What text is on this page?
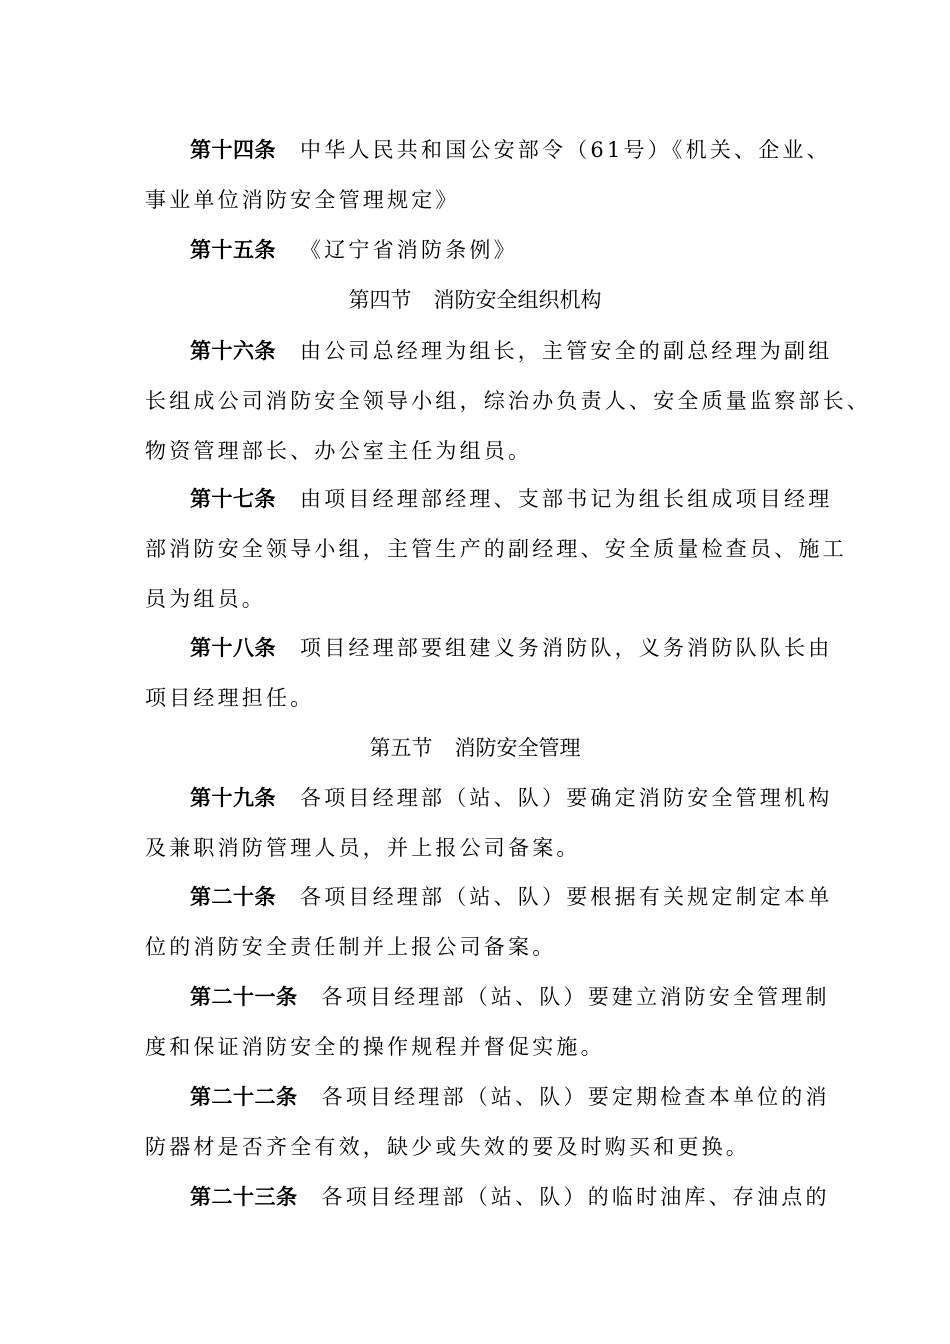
第十四条 中华人民共和国公安部令（61号）《机关、企业、
事业单位消防安全管理规定》
第十五条 《辽宁省消防条例》
第四节 消防安全组织机构
第十六条 由公司总经理为组长，主管安全的副总经理为副组
长组成公司消防安全领导小组，综治办负责人、安全质量监察部长、
物资管理部长、办公室主任为组员。
第十七条 由项目经理部经理、支部书记为组长组成项目经理
部消防安全领导小组，主管生产的副经理、安全质量检查员、施工
员为组员。
第十八条 项目经理部要组建义务消防队，义务消防队队长由
项目经理担任。
第五节 消防安全管理
第十九条 各项目经理部（站、队）要确定消防安全管理机构
及兼职消防管理人员，并上报公司备案。
第二十条 各项目经理部（站、队）要根据有关规定制定本单
位的消防安全责任制并上报公司备案。
第二十一条 各项目经理部（站、队）要建立消防安全管理制
度和保证消防安全的操作规程并督促实施。
第二十二条 各项目经理部（站、队）要定期检查本单位的消
防器材是否齐全有效，缺少或失效的要及时购买和更换。
第二十三条 各项目经理部（站、队）的临时油库、存油点的
